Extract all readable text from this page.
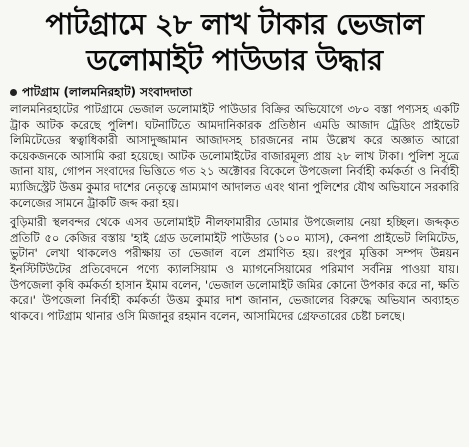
পাটগ্রামে ২৮ লাখ টাকার ভেজাল
ডলোমাইট পাউডার উদ্ধার
পাটগ্রাম (লালমনিরহাট) সংবাদদাতা

লালমনিরহাটের পাটগ্রামে ভেজাল ডলোমাইট পাউডার বিক্রির অভিযোগে ৩৮০ বস্তা পণ্যসহ একটি ট্রাক আটক করেছে পুলিশ। ঘটনাটিতে আমদানিকারক প্রতিষ্ঠান এমডি আজাদ ট্রেডিং প্রাইভেট লিমিটেডের স্বত্বাধিকারী আসাদুজ্জামান আজাদসহ চারজনের নাম উল্লেখ করে অজ্ঞাত আরো কয়েকজনকে আসামি করা হয়েছে। আটক ডলোমাইটের বাজারমূল্য প্রায় ২৮ লাখ টাকা। পুলিশ সূত্রে জানা যায়, গোপন সংবাদের ভিত্তিতে গত ২১ অক্টোবর বিকেলে উপজেলা নির্বাহী কর্মকর্তা ও নির্বাহী ম্যাজিস্ট্রেট উত্তম কুমার দাশের নেতৃত্বে ভ্রাম্যমাণ আদালত এবং থানা পুলিশের যৌথ অভিযানে সরকারি কলেজের সামনে ট্রাকটি জব্দ করা হয়।

বুড়িমারী স্থলবন্দর থেকে এসব ডলোমাইট নীলফামারীর ডোমার উপজেলায় নেয়া হচ্ছিল। জব্দকৃত প্রতিটি ৫০ কেজির বস্তায় 'হাই গ্রেড ডলোমাইট পাউডার (১০০ ম্যাস), কেনপা প্রাইভেট লিমিটেড, ভুটান' লেখা থাকলেও পরীক্ষায় তা ভেজাল বলে প্রমাণিত হয়। রংপুর মৃত্তিকা সম্পদ উন্নয়ন ইনস্টিটিউটের প্রতিবেদনে পণ্যে ক্যালসিয়াম ও ম্যাগনেসিয়ামের পরিমাণ সর্বনিম্ন পাওয়া যায়। উপজেলা কৃষি কর্মকর্তা হাসান ইমাম বলেন, 'ভেজাল ডলোমাইট জমির কোনো উপকার করে না, ক্ষতি করে।' উপজেলা নির্বাহী কর্মকর্তা উত্তম কুমার দাশ জানান, ভেজালের বিরুদ্ধে অভিযান অব্যাহত থাকবে। পাটগ্রাম থানার ওসি মিজানুর রহমান বলেন, আসামিদের গ্রেফতারের চেষ্টা চলছে।
